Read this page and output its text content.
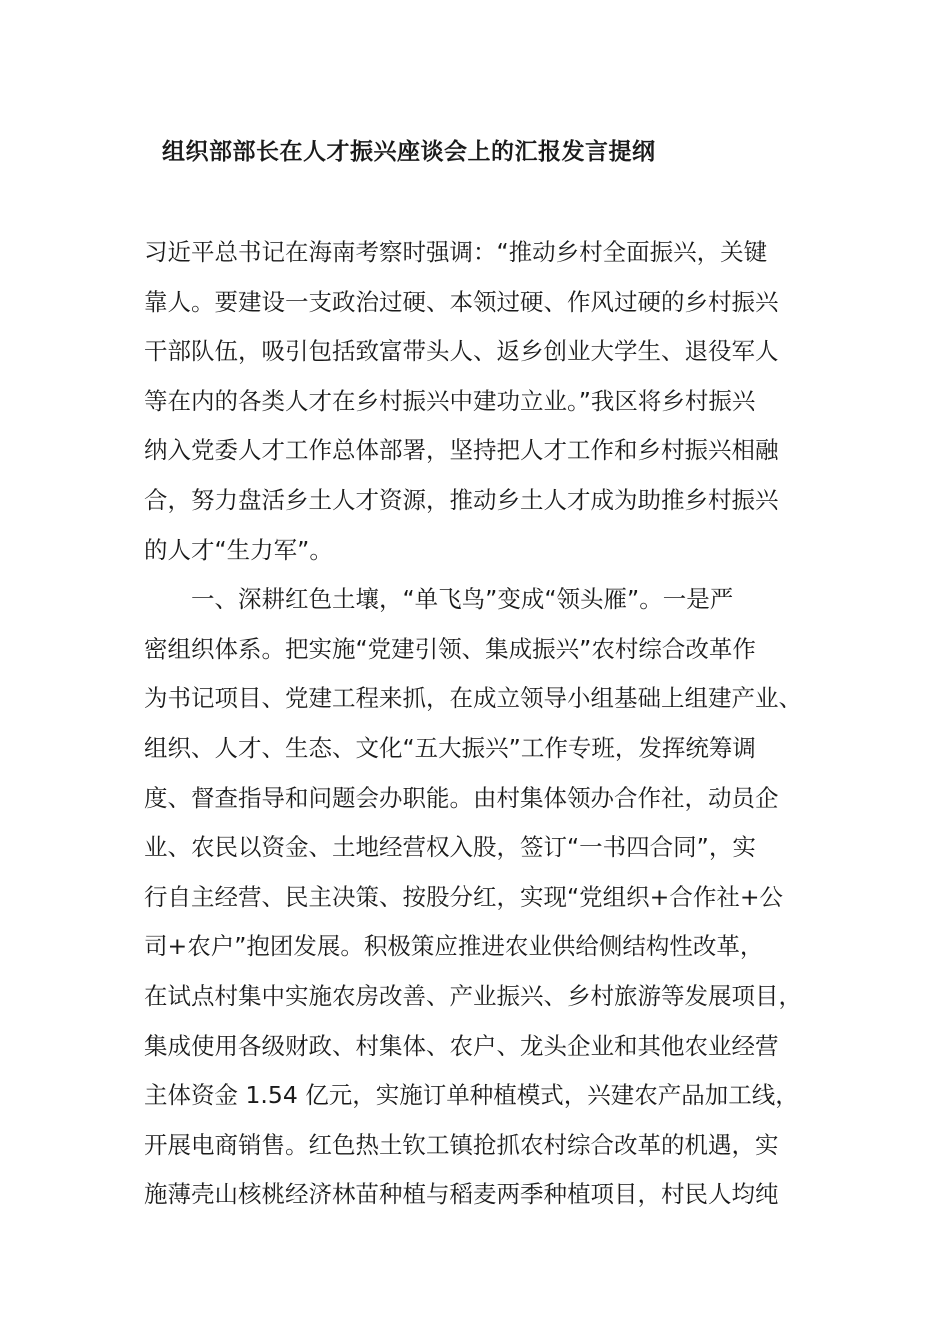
组织部部长在人才振兴座谈会上的汇报发言提纲
习近平总书记在海南考察时强调：“推动乡村全面振兴，关键
靠人。要建设一支政治过硬、本领过硬、作风过硬的乡村振兴
干部队伍，吸引包括致富带头人、返乡创业大学生、退役军人
等在内的各类人才在乡村振兴中建功立业。”我区将乡村振兴
纳入党委人才工作总体部署，坚持把人才工作和乡村振兴相融
合，努力盘活乡土人才资源，推动乡土人才成为助推乡村振兴
的人才“生力军”。
一、深耕红色土壤，“单飞鸟”变成“领头雁”。一是严
密组织体系。把实施“党建引领、集成振兴”农村综合改革作
为书记项目、党建工程来抓，在成立领导小组基础上组建产业、
组织、人才、生态、文化“五大振兴”工作专班，发挥统筹调
度、督查指导和问题会办职能。由村集体领办合作社，动员企
业、农民以资金、土地经营权入股，签订“一书四合同”，实
行自主经营、民主决策、按股分红，实现“党组织+合作社+公
司+农户”抱团发展。积极策应推进农业供给侧结构性改革，
在试点村集中实施农房改善、产业振兴、乡村旅游等发展项目，
集成使用各级财政、村集体、农户、龙头企业和其他农业经营
主体资金 1.54 亿元，实施订单种植模式，兴建农产品加工线，
开展电商销售。红色热土钦工镇抢抓农村综合改革的机遇，实
施薄壳山核桃经济林苗种植与稻麦两季种植项目，村民人均纯
